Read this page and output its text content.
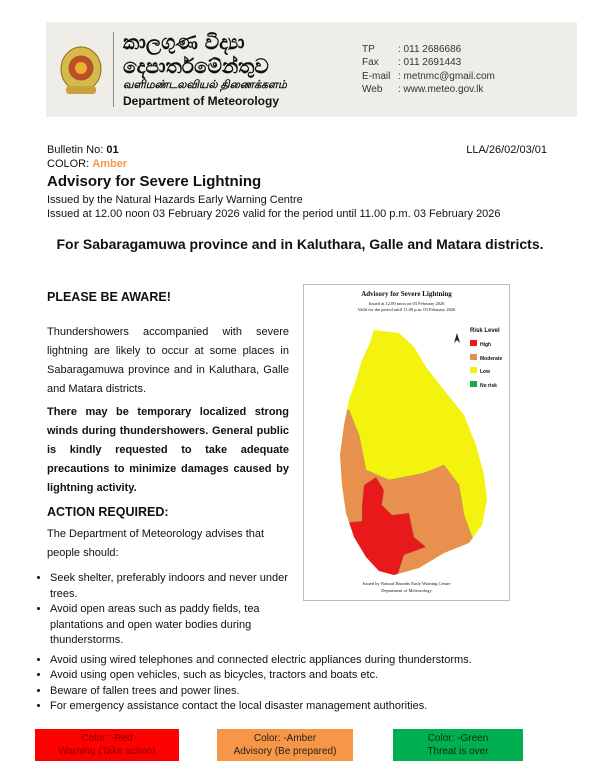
කාලගුණ විද්‍යා දෙපාර්තමේන්තුව
வளிமண்டலவியல் திணைக்களம்
Department of Meteorology
TP : 011 2686686
Fax : 011 2691443
E-mail : metnmc@gmail.com
Web : www.meteo.gov.lk
Bulletin No: 01	LLA/26/02/03/01
COLOR: Amber
Advisory for Severe Lightning
Issued by the Natural Hazards Early Warning Centre
Issued at 12.00 noon 03 February 2026 valid for the period until 11.00 p.m. 03 February 2026
For Sabaragamuwa province and in Kaluthara, Galle and Matara districts.
PLEASE BE AWARE!

Thundershowers accompanied with severe lightning are likely to occur at some places in Sabaragamuwa province and in Kaluthara, Galle and Matara districts.

There may be temporary localized strong winds during thundershowers. General public is kindly requested to take adequate precautions to minimize damages caused by lightning activity.

ACTION REQUIRED:

The Department of Meteorology advises that people should:

• Seek shelter, preferably indoors and never under trees.
• Avoid open areas such as paddy fields, tea plantations and open water bodies during thunderstorms.
Advisory for Severe Lightning
Issued at 12.00 noon on 03 February 2026
Valid for the period until 11.00 p.m. 03 February 2026
Risk Level
High
Moderate
Low
No risk
Issued by Natural Hazards Early Warning Centre
Department of Meteorology
• Avoid using wired telephones and connected electric appliances during thunderstorms.
• Avoid using open vehicles, such as bicycles, tractors and boats etc.
• Beware of fallen trees and power lines.
• For emergency assistance contact the local disaster management authorities.
Color: -Red
Warning (Take action)
Color: -Amber
Advisory (Be prepared)
Color: -Green
Threat is over
